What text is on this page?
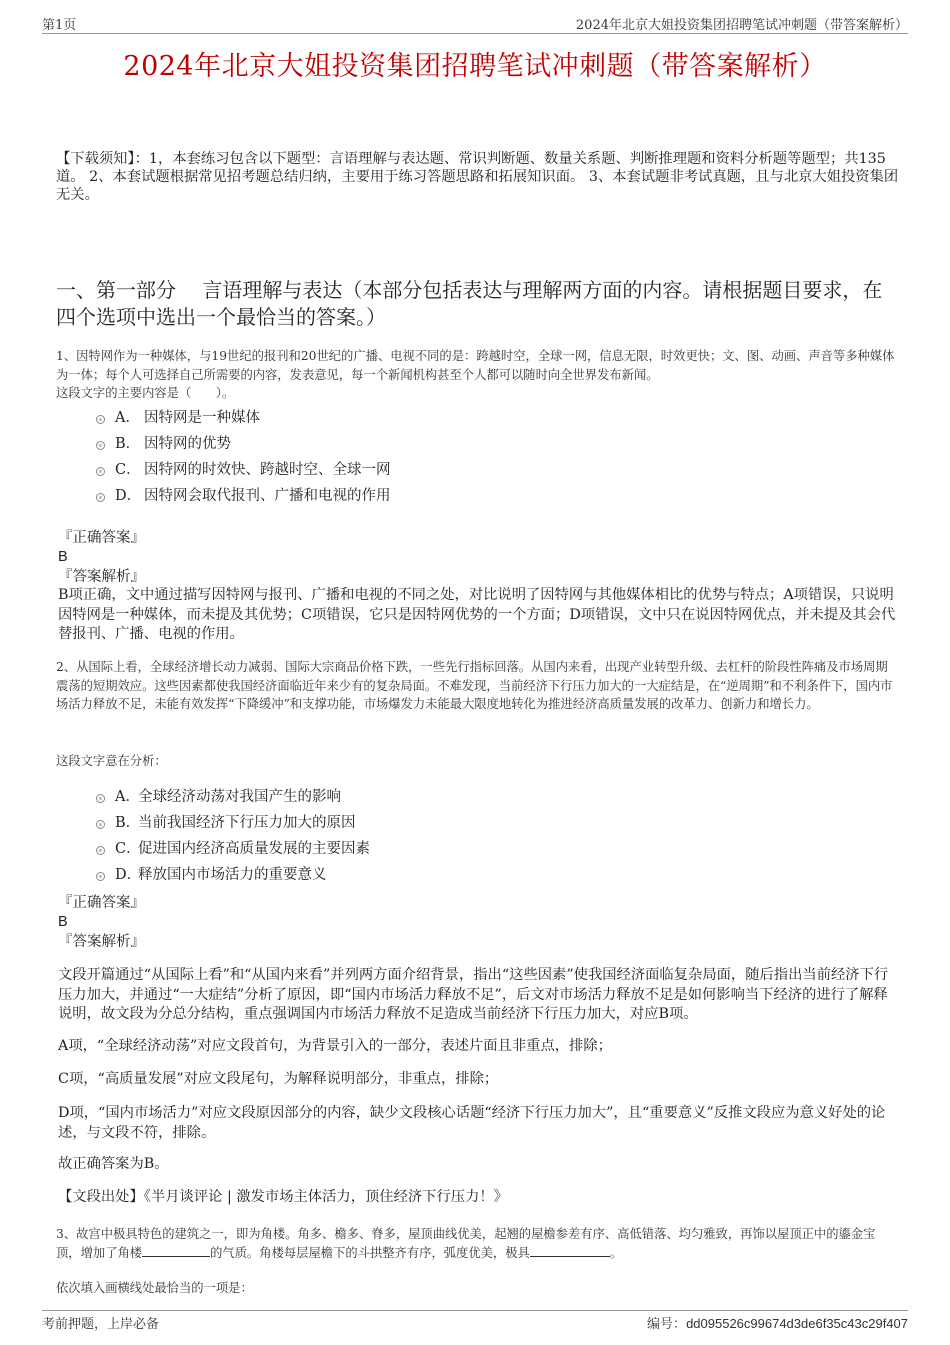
第1页	2024年北京大姐投资集团招聘笔试冲刺题（带答案解析）
2024年北京大姐投资集团招聘笔试冲刺题（带答案解析）

【下载须知】：1，本套练习包含以下题型：言语理解与表达题、常识判断题、数量关系题、判断推理题和资料分析题等题型；共135道。 2、本套试题根据常见招考题总结归纳，主要用于练习答题思路和拓展知识面。 3、本套试题非考试真题，且与北京大姐投资集团无关。

一、第一部分　 言语理解与表达（本部分包括表达与理解两方面的内容。请根据题目要求，在四个选项中选出一个最恰当的答案。）

1、因特网作为一种媒体，与19世纪的报刊和20世纪的广播、电视不同的是：跨越时空，全球一网，信息无限，时效更快；文、图、动画、声音等多种媒体为一体；每个人可选择自己所需要的内容，发表意见，每一个新闻机构甚至个人都可以随时向全世界发布新闻。
这段文字的主要内容是（　　）。
A． 因特网是一种媒体
B． 因特网的优势
C． 因特网的时效快、跨越时空、全球一网
D． 因特网会取代报刊、广播和电视的作用
『正确答案』
B
『答案解析』

B项正确，文中通过描写因特网与报刊、广播和电视的不同之处，对比说明了因特网与其他媒体相比的优势与特点；A项错误，只说明因特网是一种媒体，而未提及其优势；C项错误，它只是因特网优势的一个方面；D项错误，文中只在说因特网优点，并未提及其会代替报刊、广播、电视的作用。

2、从国际上看，全球经济增长动力减弱、国际大宗商品价格下跌，一些先行指标回落。从国内来看，出现产业转型升级、去杠杆的阶段性阵痛及市场周期震荡的短期效应。这些因素都使我国经济面临近年来少有的复杂局面。不难发现，当前经济下行压力加大的一大症结是，在“逆周期”和不利条件下，国内市场活力释放不足，未能有效发挥“下降缓冲”和支撑功能，市场爆发力未能最大限度地转化为推进经济高质量发展的改革力、创新力和增长力。

这段文字意在分析：

A．
全球经济动荡对我国产生的影响
B．
当前我国经济下行压力加大的原因
C．
促进国内经济高质量发展的主要因素
D．
释放国内市场活力的重要意义
『正确答案』
B
『答案解析』

文段开篇通过“从国际上看”和“从国内来看”并列两方面介绍背景，指出“这些因素”使我国经济面临复杂局面，随后指出当前经济下行压力加大，并通过“一大症结”分析了原因，即“国内市场活力释放不足”，后文对市场活力释放不足是如何影响当下经济的进行了解释说明，故文段为分总分结构，重点强调国内市场活力释放不足造成当前经济下行压力加大，对应B项。

A项，“全球经济动荡”对应文段首句，为背景引入的一部分，表述片面且非重点，排除；

C项，“高质量发展”对应文段尾句，为解释说明部分，非重点，排除；

D项，“国内市场活力”对应文段原因部分的内容，缺少文段核心话题“经济下行压力加大”，且“重要意义”反推文段应为意义好处的论述，与文段不符，排除。

故正确答案为B。

【文段出处】《半月谈评论 | 激发市场主体活力，顶住经济下行压力！》

3、故宫中极具特色的建筑之一，即为角楼。角多、檐多、脊多，屋顶曲线优美，起翘的屋檐参差有序、高低错落、均匀雅致，再饰以屋顶正中的鎏金宝顶，增加了角楼	的气质。角楼每层屋檐下的斗拱整齐有序，弧度优美，极具	。

依次填入画横线处最恰当的一项是：

考前押题，上岸必备	编号：dd095526c99674d3de6f35c43c29f407
